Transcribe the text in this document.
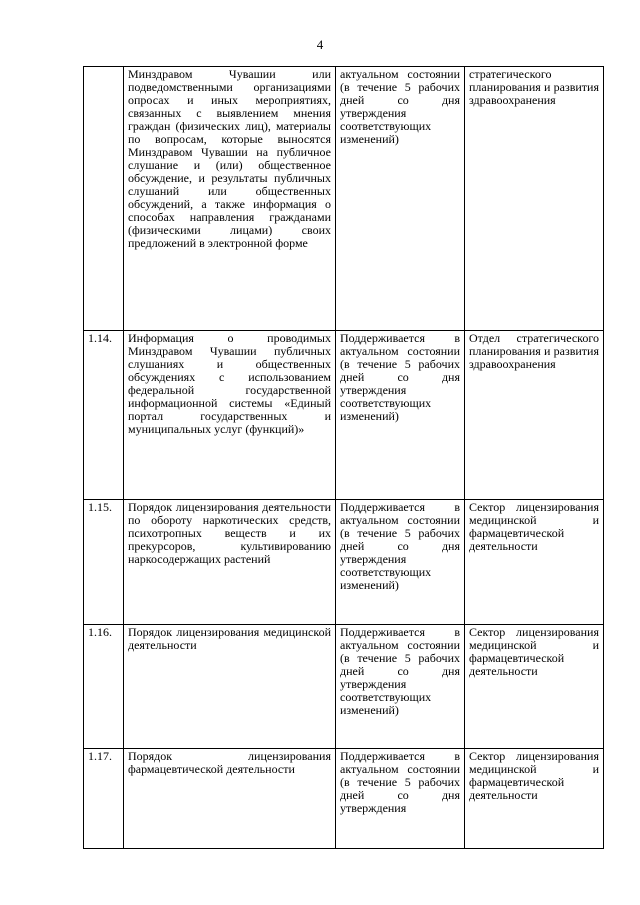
4

	Минздравом Чувашии или подведомственными организациями опросах и иных мероприятиях, связанных с выявлением мнения граждан (физических лиц), материалы по вопросам, которые выносятся Минздравом Чувашии на публичное слушание и (или) общественное обсуждение, и результаты публичных слушаний или общественных обсуждений, а также информация о способах направления гражданами (физическими лицами) своих предложений в электронной форме	актуальном состоянии (в течение 5 рабочих дней со дня утверждения соответствующих изменений)	стратегического планирования и развития здравоохранения

1.14.	Информация о проводимых Минздравом Чувашии публичных слушаниях и общественных обсуждениях с использованием федеральной государственной информационной системы «Единый портал государственных и муниципальных услуг (функций)»	Поддерживается в актуальном состоянии (в течение 5 рабочих дней со дня утверждения соответствующих изменений)	Отдел стратегического планирования и развития здравоохранения

1.15.	Порядок лицензирования деятельности по обороту наркотических средств, психотропных веществ и их прекурсоров, культивированию наркосодержащих растений	Поддерживается в актуальном состоянии (в течение 5 рабочих дней со дня утверждения соответствующих изменений)	Сектор лицензирования медицинской и фармацевтической деятельности

1.16.	Порядок лицензирования медицинской деятельности	Поддерживается в актуальном состоянии (в течение 5 рабочих дней со дня утверждения соответствующих изменений)	Сектор лицензирования медицинской и фармацевтической деятельности

1.17.	Порядок лицензирования фармацевтической деятельности	Поддерживается в актуальном состоянии (в течение 5 рабочих дней со дня утверждения	Сектор лицензирования медицинской и фармацевтической деятельности
